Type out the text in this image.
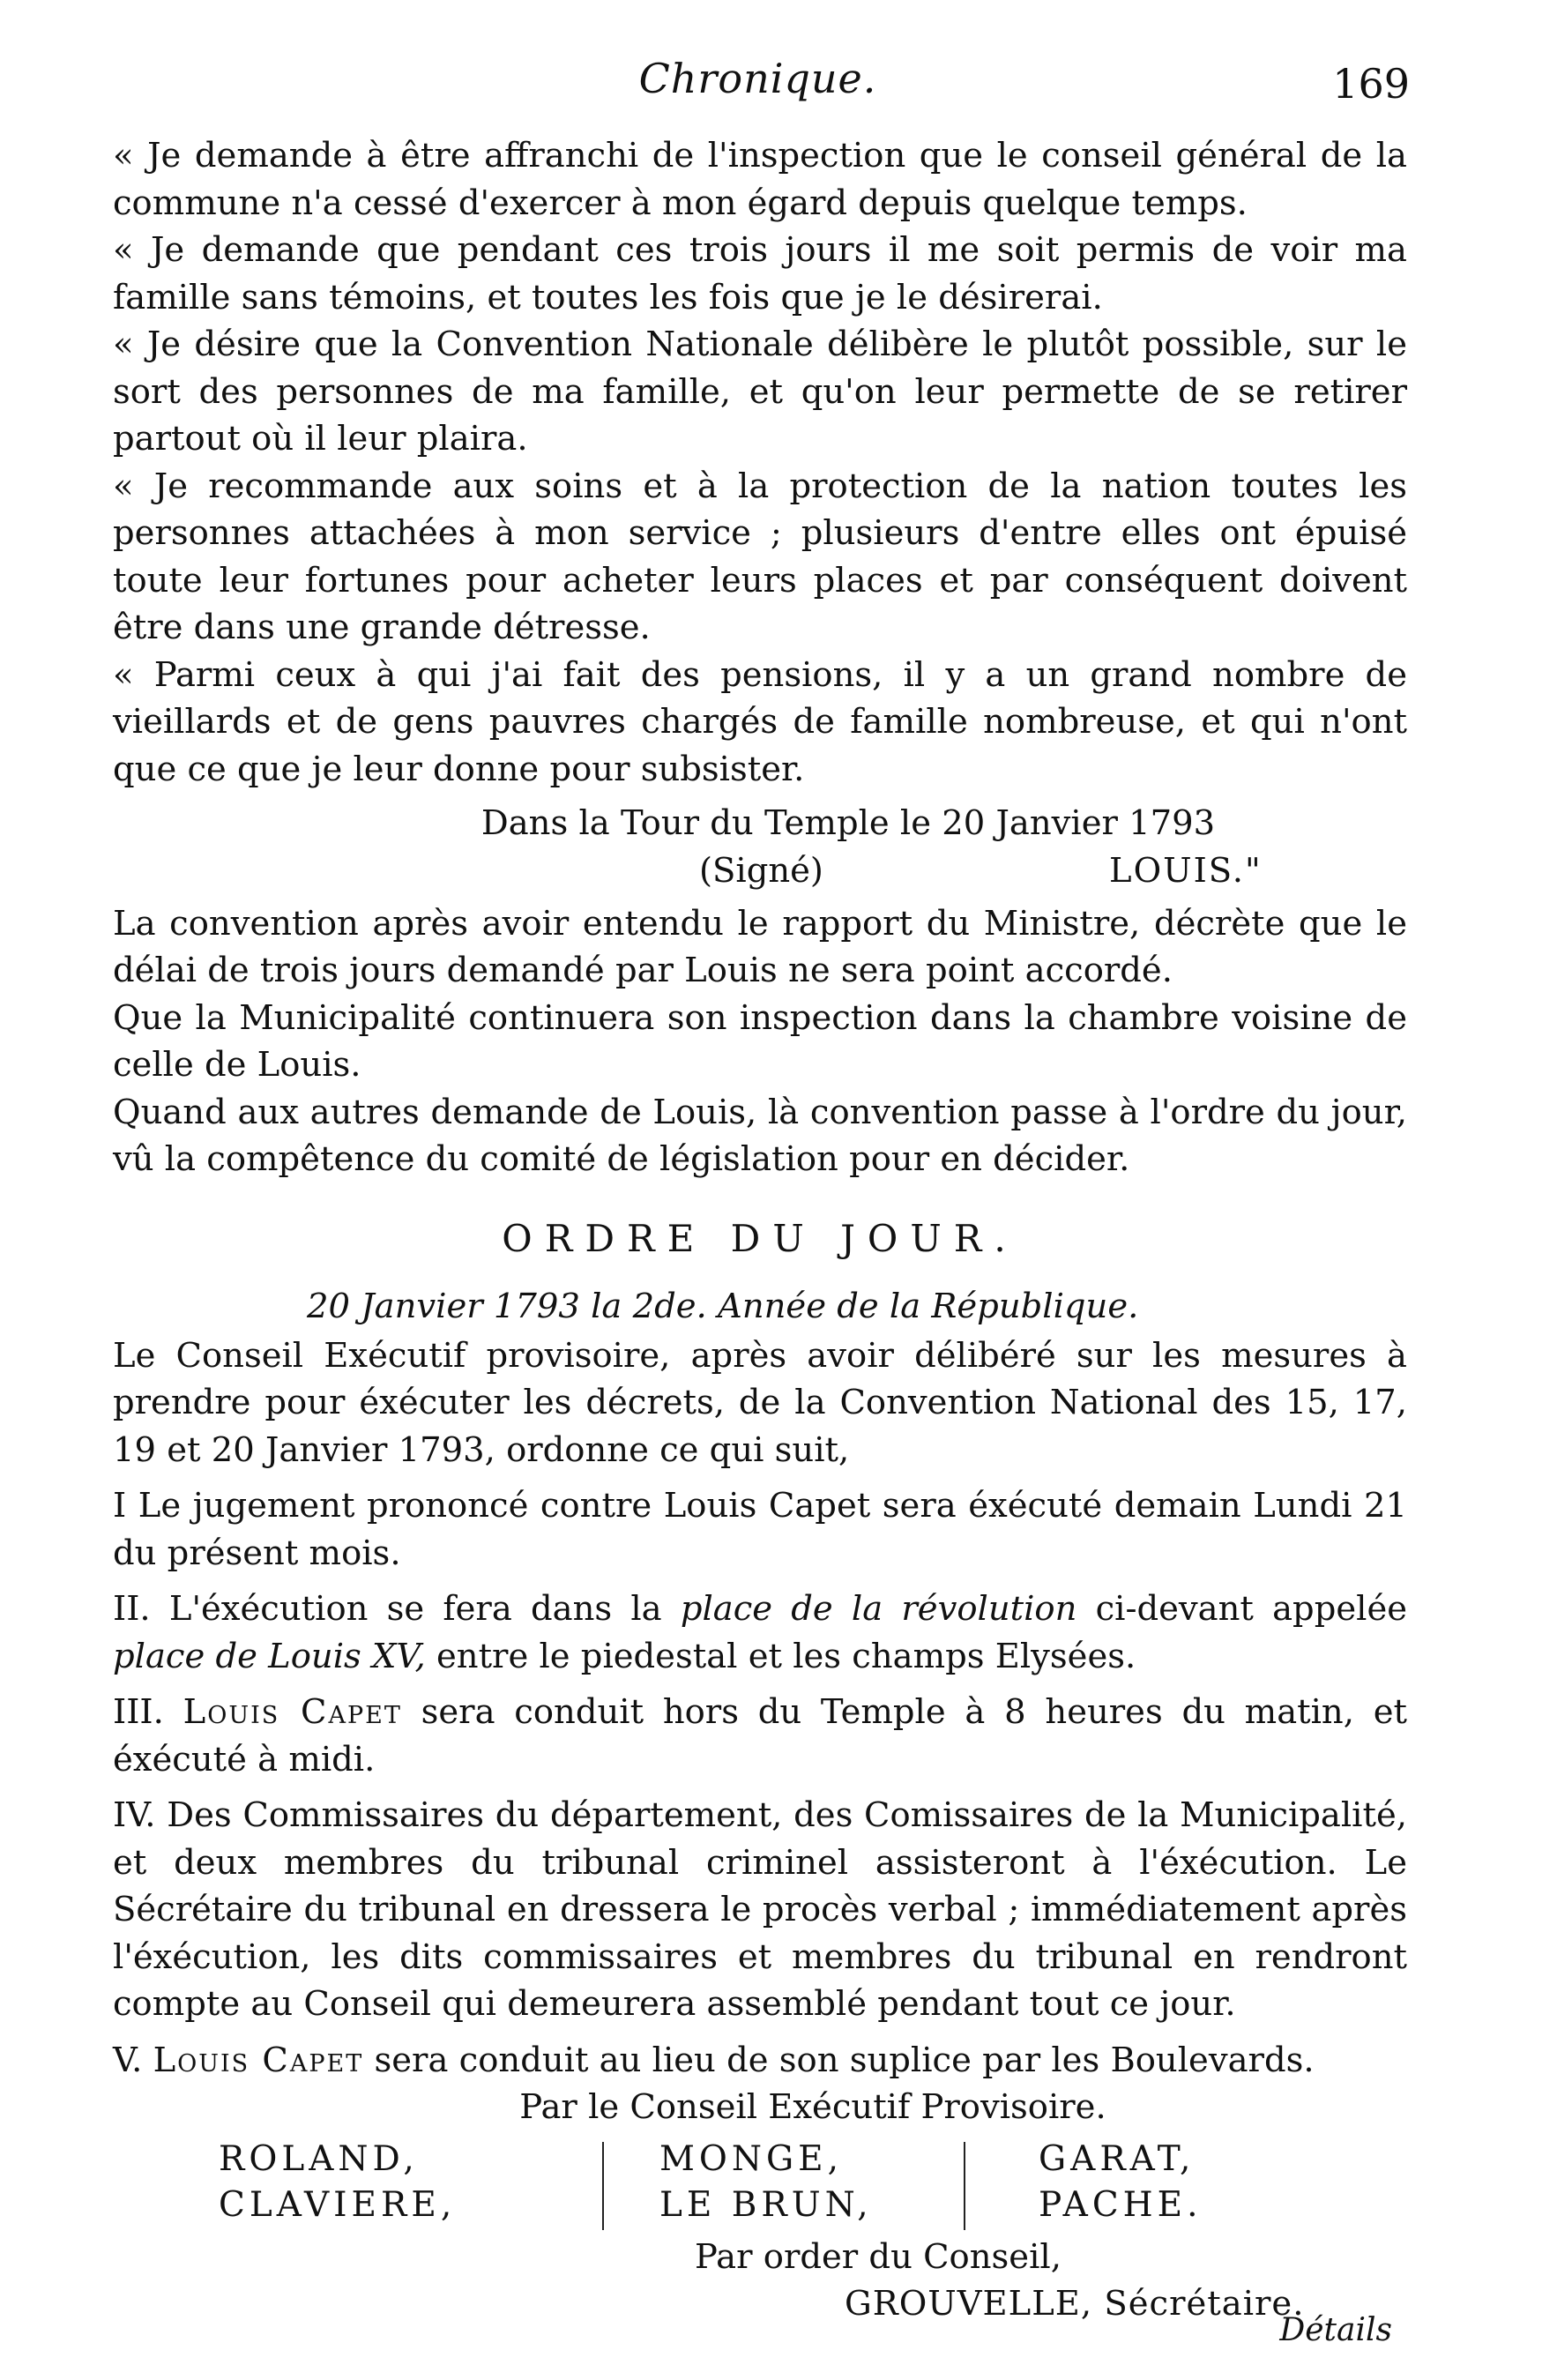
Chronique.	169

« Je demande à être affranchi de l'inspection que le conseil général de la commune n'a cessé d'exercer à mon égard depuis quelque temps.

« Je demande que pendant ces trois jours il me soit permis de voir ma famille sans témoins, et toutes les fois que je le désirerai.

« Je désire que la Convention Nationale délibère le plutôt possible, sur le sort des personnes de ma famille, et qu'on leur permette de se retirer partout où il leur plaira.

« Je recommande aux soins et à la protection de la nation toutes les personnes attachées à mon service ; plusieurs d'entre elles ont épuisé toute leur fortunes pour acheter leurs places et par conséquent doivent être dans une grande détresse.

« Parmi ceux à qui j'ai fait des pensions, il y a un grand nombre de vieillards et de gens pauvres chargés de famille nombreuse, et qui n'ont que ce que je leur donne pour subsister.

Dans la Tour du Temple le 20 Janvier 1793

(Signé)	LOUIS."

La convention après avoir entendu le rapport du Ministre, décrète que le délai de trois jours demandé par Louis ne sera point accordé.

Que la Municipalité continuera son inspection dans la chambre voisine de celle de Louis.

Quand aux autres demande de Louis, là convention passe à l'ordre du jour, vû la compêtence du comité de législation pour en décider.

ORDRE DU JOUR.

20 Janvier 1793 la 2de. Année de la République.

Le Conseil Exécutif provisoire, après avoir délibéré sur les mesures à prendre pour éxécuter les décrets, de la Convention National des 15, 17, 19 et 20 Janvier 1793, ordonne ce qui suit,

I Le jugement prononcé contre Louis Capet sera éxécuté demain Lundi 21 du présent mois.

II. L'éxécution se fera dans la place de la révolution ci-devant appelée place de Louis XV, entre le piedestal et les champs Elysées.

III. Louis Capet sera conduit hors du Temple à 8 heures du matin, et éxécuté à midi.

IV. Des Commissaires du département, des Comissaires de la Municipalité, et deux membres du tribunal criminel assisteront à l'éxécution. Le Sécrétaire du tribunal en dressera le procès verbal ; immédiatement après l'éxécution, les dits commissaires et membres du tribunal en rendront compte au Conseil qui demeurera assemblé pendant tout ce jour.

V. Louis Capet sera conduit au lieu de son suplice par les Boulevards.

Par le Conseil Exécutif Provisoire.

ROLAND,
CLAVIERE,
MONGE,
LE BRUN,
GARAT,
PACHE.

Par order du Conseil,

GROUVELLE, Sécrétaire.

Détails
